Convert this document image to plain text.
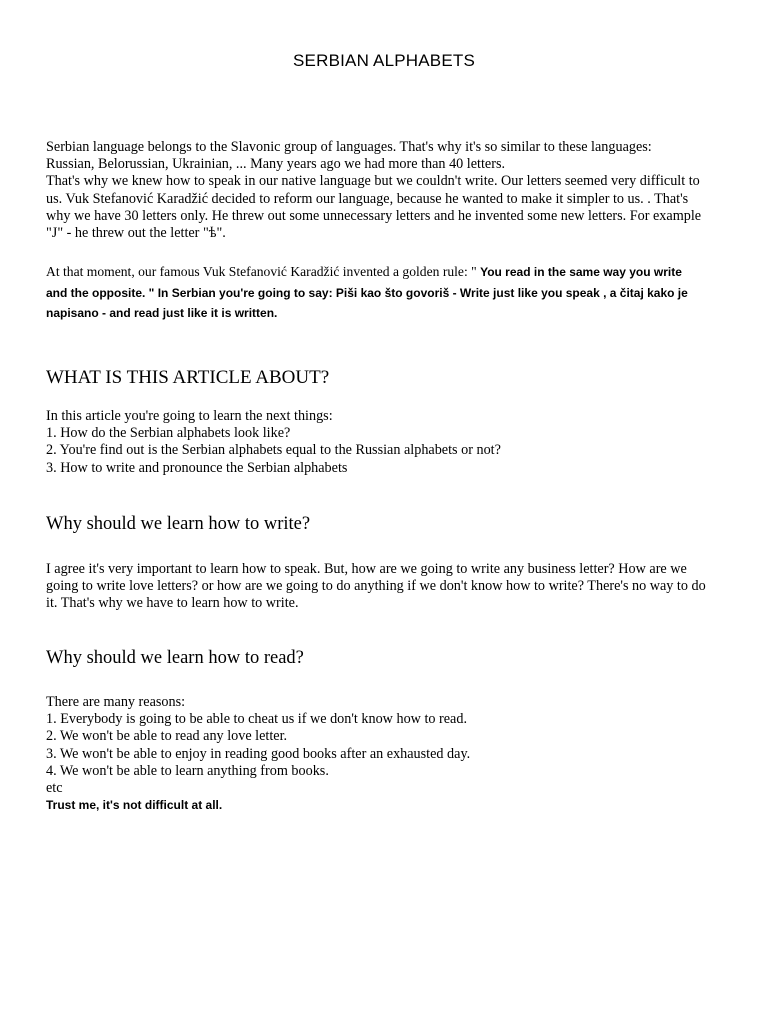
SERBIAN ALPHABETS
Serbian language belongs to the Slavonic group of languages. That's why it's so similar to these languages:
Russian, Belorussian, Ukrainian, ... Many years ago we had more than 40 letters.
That's why we knew how to speak in our native language but we couldn't write. Our letters seemed very difficult to
us. Vuk Stefanović Karadžić decided to reform our language, because he wanted to make it simpler to us. . That's
why we have 30 letters only. He threw out some unnecessary letters and he invented some new letters. For example
"J" - he threw out the letter "ѣ".
At that moment, our famous Vuk Stefanović Karadžić invented a golden rule: " You read in the same way you write
and the opposite. " In Serbian you're going to say: Piši kao što govoriš - Write just like you speak , a čitaj kako je
napisano - and read just like it is written.
WHAT IS THIS ARTICLE ABOUT?
In this article you're going to learn the next things:
1. How do the Serbian alphabets look like?
2. You're find out is the Serbian alphabets equal to the Russian alphabets or not?
3. How to write and pronounce the Serbian alphabets
Why should we learn how to write?
I agree it's very important to learn how to speak. But, how are we going to write any business letter? How are we
going to write love letters? or how are we going to do anything if we don't know how to write? There's no way to do
it. That's why we have to learn how to write.
Why should we learn how to read?
There are many reasons:
1. Everybody is going to be able to cheat us if we don't know how to read.
2. We won't be able to read any love letter.
3. We won't be able to enjoy in reading good books after an exhausted day.
4. We won't be able to learn anything from books.
etc
Trust me, it's not difficult at all.
